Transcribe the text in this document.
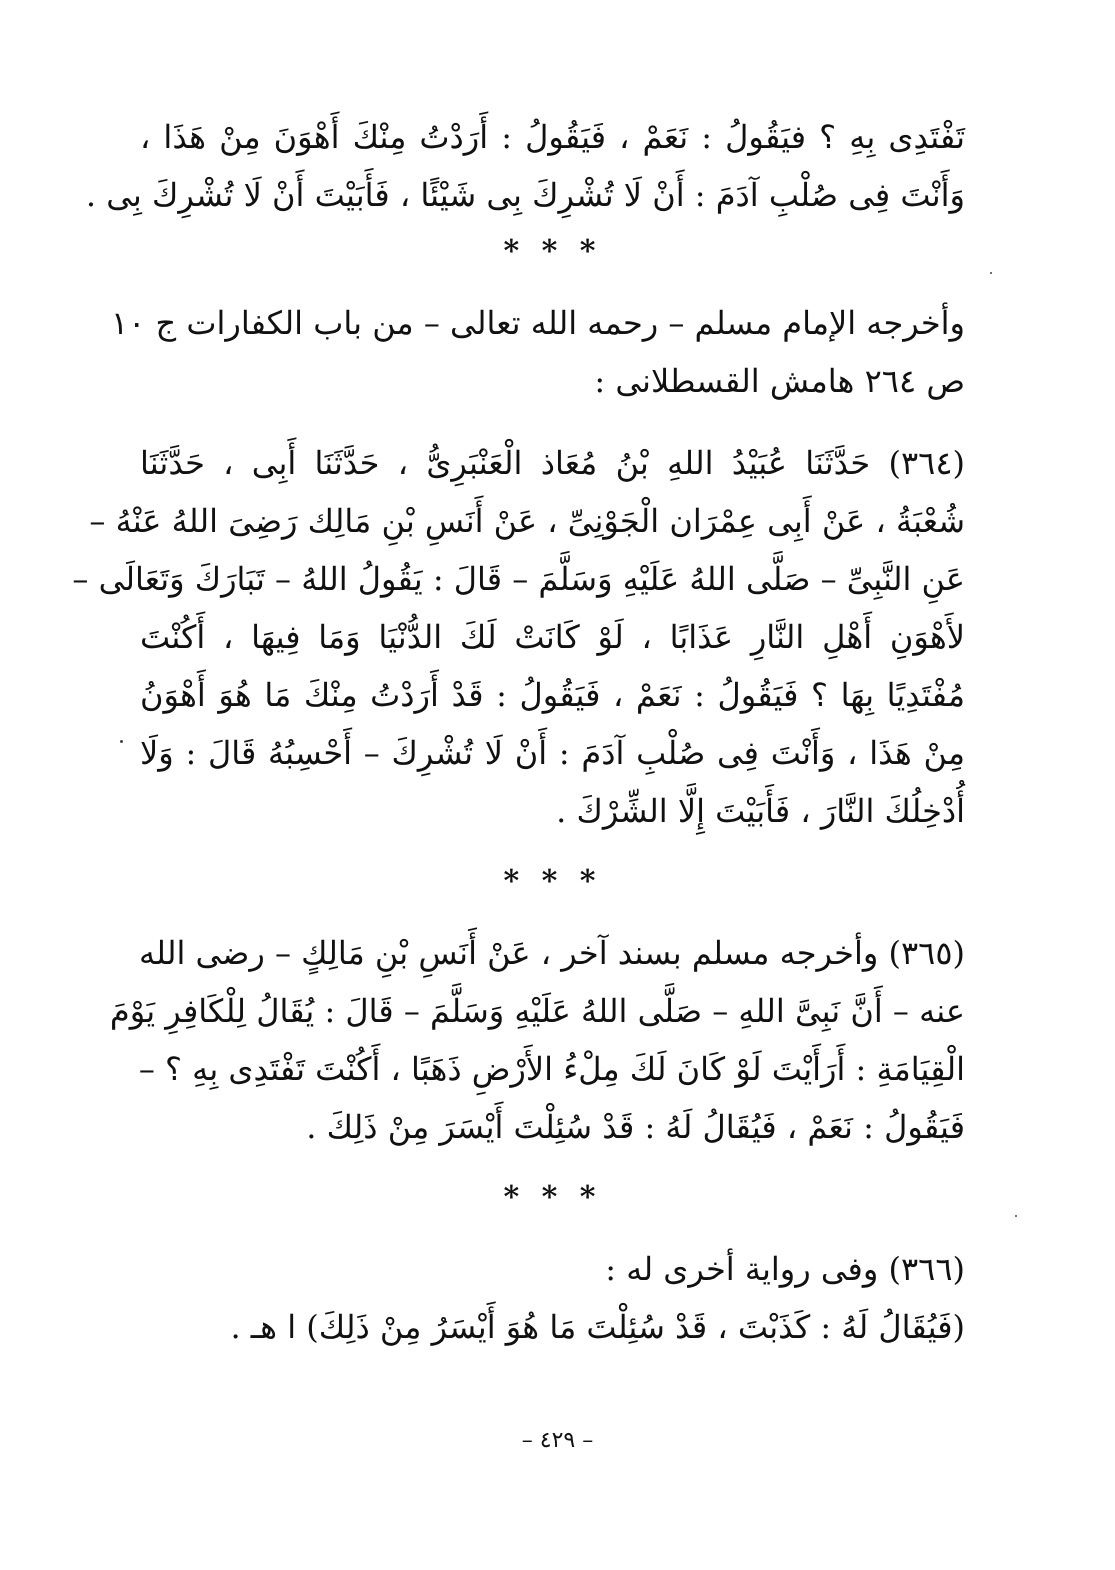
تَفْتَدِى بِهِ ؟ فيَقُولُ : نَعَمْ ، فَيَقُولُ : أَرَدْتُ مِنْكَ أَهْوَنَ مِنْ هَذَا ،
وَأَنْتَ فِى صُلْبِ آدَمَ : أَنْ لَا تُشْرِكَ بِى شَيْئًا ، فَأَبَيْتَ أَنْ لَا تُشْرِكَ بِى .
* * *
وأخرجه الإمام مسلم – رحمه الله تعالى – من باب الكفارات ج ١٠
ص ٢٦٤ هامش القسطلانى :
(٣٦٤) حَدَّثَنَا عُبَيْدُ اللهِ بْنُ مُعَاذ الْعَنْبَرِىُّ ، حَدَّثَنَا أَبِى ، حَدَّثَنَا
شُعْبَةُ ، عَنْ أَبِى عِمْرَان الْجَوْنِىِّ ، عَنْ أَنَسِ بْنِ مَالِك رَضِىَ اللهُ عَنْهُ –
عَنِ النَّبِىِّ – صَلَّى اللهُ عَلَيْهِ وَسَلَّمَ – قَالَ : يَقُولُ اللهُ – تَبَارَكَ وَتَعَالَى –
لأَهْوَنِ أَهْلِ النَّارِ عَذَابًا ، لَوْ كَانَتْ لَكَ الدُّنْيَا وَمَا فِيهَا ، أَكُنْتَ
مُفْتَدِيًا بِهَا ؟ فَيَقُولُ : نَعَمْ ، فَيَقُولُ : قَدْ أَرَدْتُ مِنْكَ مَا هُوَ أَهْوَنُ
مِنْ هَذَا ، وَأَنْتَ فِى صُلْبِ آدَمَ : أَنْ لَا تُشْرِكَ – أَحْسِبُهُ قَالَ : وَلَا
أُدْخِلُكَ النَّارَ ، فَأَبَيْتَ إِلَّا الشِّرْكَ .
* * *
(٣٦٥) وأخرجه مسلم بسند آخر ، عَنْ أَنَسِ بْنِ مَالِكٍ – رضى الله
عنه – أَنَّ نَبِىَّ اللهِ – صَلَّى اللهُ عَلَيْهِ وَسَلَّمَ – قَالَ : يُقَالُ لِلْكَافِرِ يَوْمَ
الْقِيَامَةِ : أَرَأَيْتَ لَوْ كَانَ لَكَ مِلْءُ الأَرْضِ ذَهَبًا ، أَكُنْتَ تَفْتَدِى بِهِ ؟ –
فَيَقُولُ : نَعَمْ ، فَيُقَالُ لَهُ : قَدْ سُئِلْتَ أَيْسَرَ مِنْ ذَلِكَ .
* * *
(٣٦٦) وفى رواية أخرى له :
(فَيُقَالُ لَهُ : كَذَبْتَ ، قَدْ سُئِلْتَ مَا هُوَ أَيْسَرُ مِنْ ذَلِكَ) ا هـ .
– ٤٢٩ –
